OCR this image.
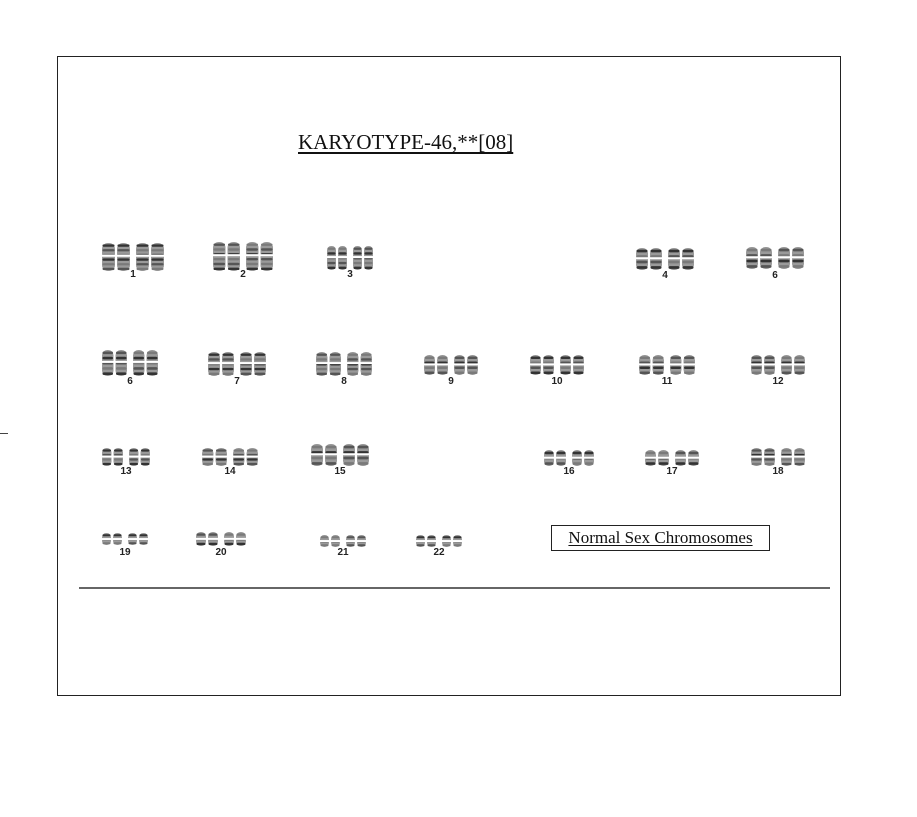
KARYOTYPE-46,**[08]
1	2	3	4	6
6	7	8	9	10	11	12
13	14	15	16	17	18
19	20	21	22
Normal Sex Chromosomes
